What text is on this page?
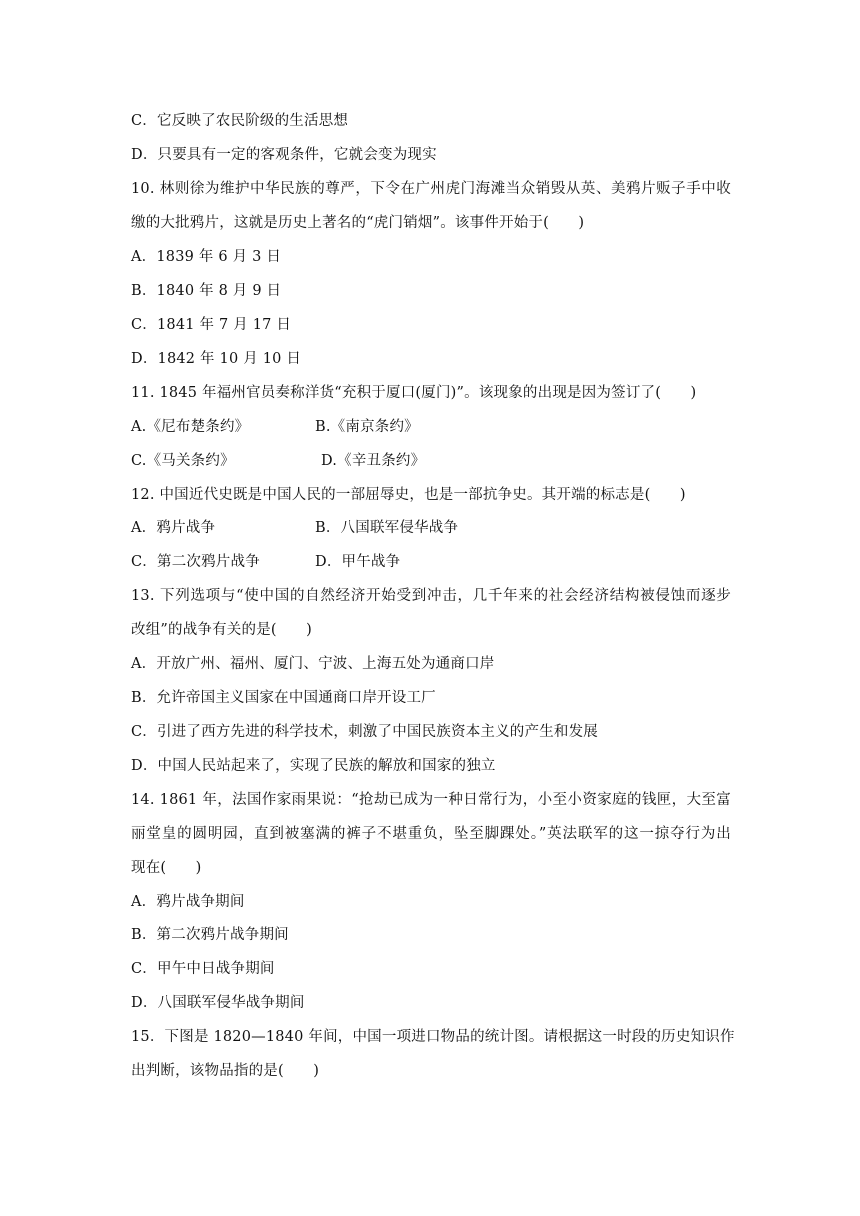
C．它反映了农民阶级的生活思想
D．只要具有一定的客观条件，它就会变为现实
10. 林则徐为维护中华民族的尊严，下令在广州虎门海滩当众销毁从英、美鸦片贩子手中收
缴的大批鸦片，这就是历史上著名的“虎门销烟”。该事件开始于(　　)
A．1839 年 6 月 3 日
B．1840 年 8 月 9 日
C．1841 年 7 月 17 日
D．1842 年 10 月 10 日
11. 1845 年福州官员奏称洋货“充积于厦口(厦门)”。该现象的出现是因为签订了(　　)
A.《尼布楚条约》	B.《南京条约》
C.《马关条约》	D.《辛丑条约》
12. 中国近代史既是中国人民的一部屈辱史，也是一部抗争史。其开端的标志是(　　)
A．鸦片战争	B．八国联军侵华战争
C．第二次鸦片战争	D．甲午战争
13. 下列选项与“使中国的自然经济开始受到冲击，几千年来的社会经济结构被侵蚀而逐步
改组”的战争有关的是(　　)
A．开放广州、福州、厦门、宁波、上海五处为通商口岸
B．允许帝国主义国家在中国通商口岸开设工厂
C．引进了西方先进的科学技术，刺激了中国民族资本主义的产生和发展
D．中国人民站起来了，实现了民族的解放和国家的独立
14. 1861 年，法国作家雨果说：“抢劫已成为一种日常行为，小至小资家庭的钱匣，大至富
丽堂皇的圆明园，直到被塞满的裤子不堪重负，坠至脚踝处。”英法联军的这一掠夺行为出
现在(　　)
A．鸦片战争期间
B．第二次鸦片战争期间
C．甲午中日战争期间
D．八国联军侵华战争期间
15．下图是 1820—1840 年间，中国一项进口物品的统计图。请根据这一时段的历史知识作
出判断，该物品指的是(　　)
